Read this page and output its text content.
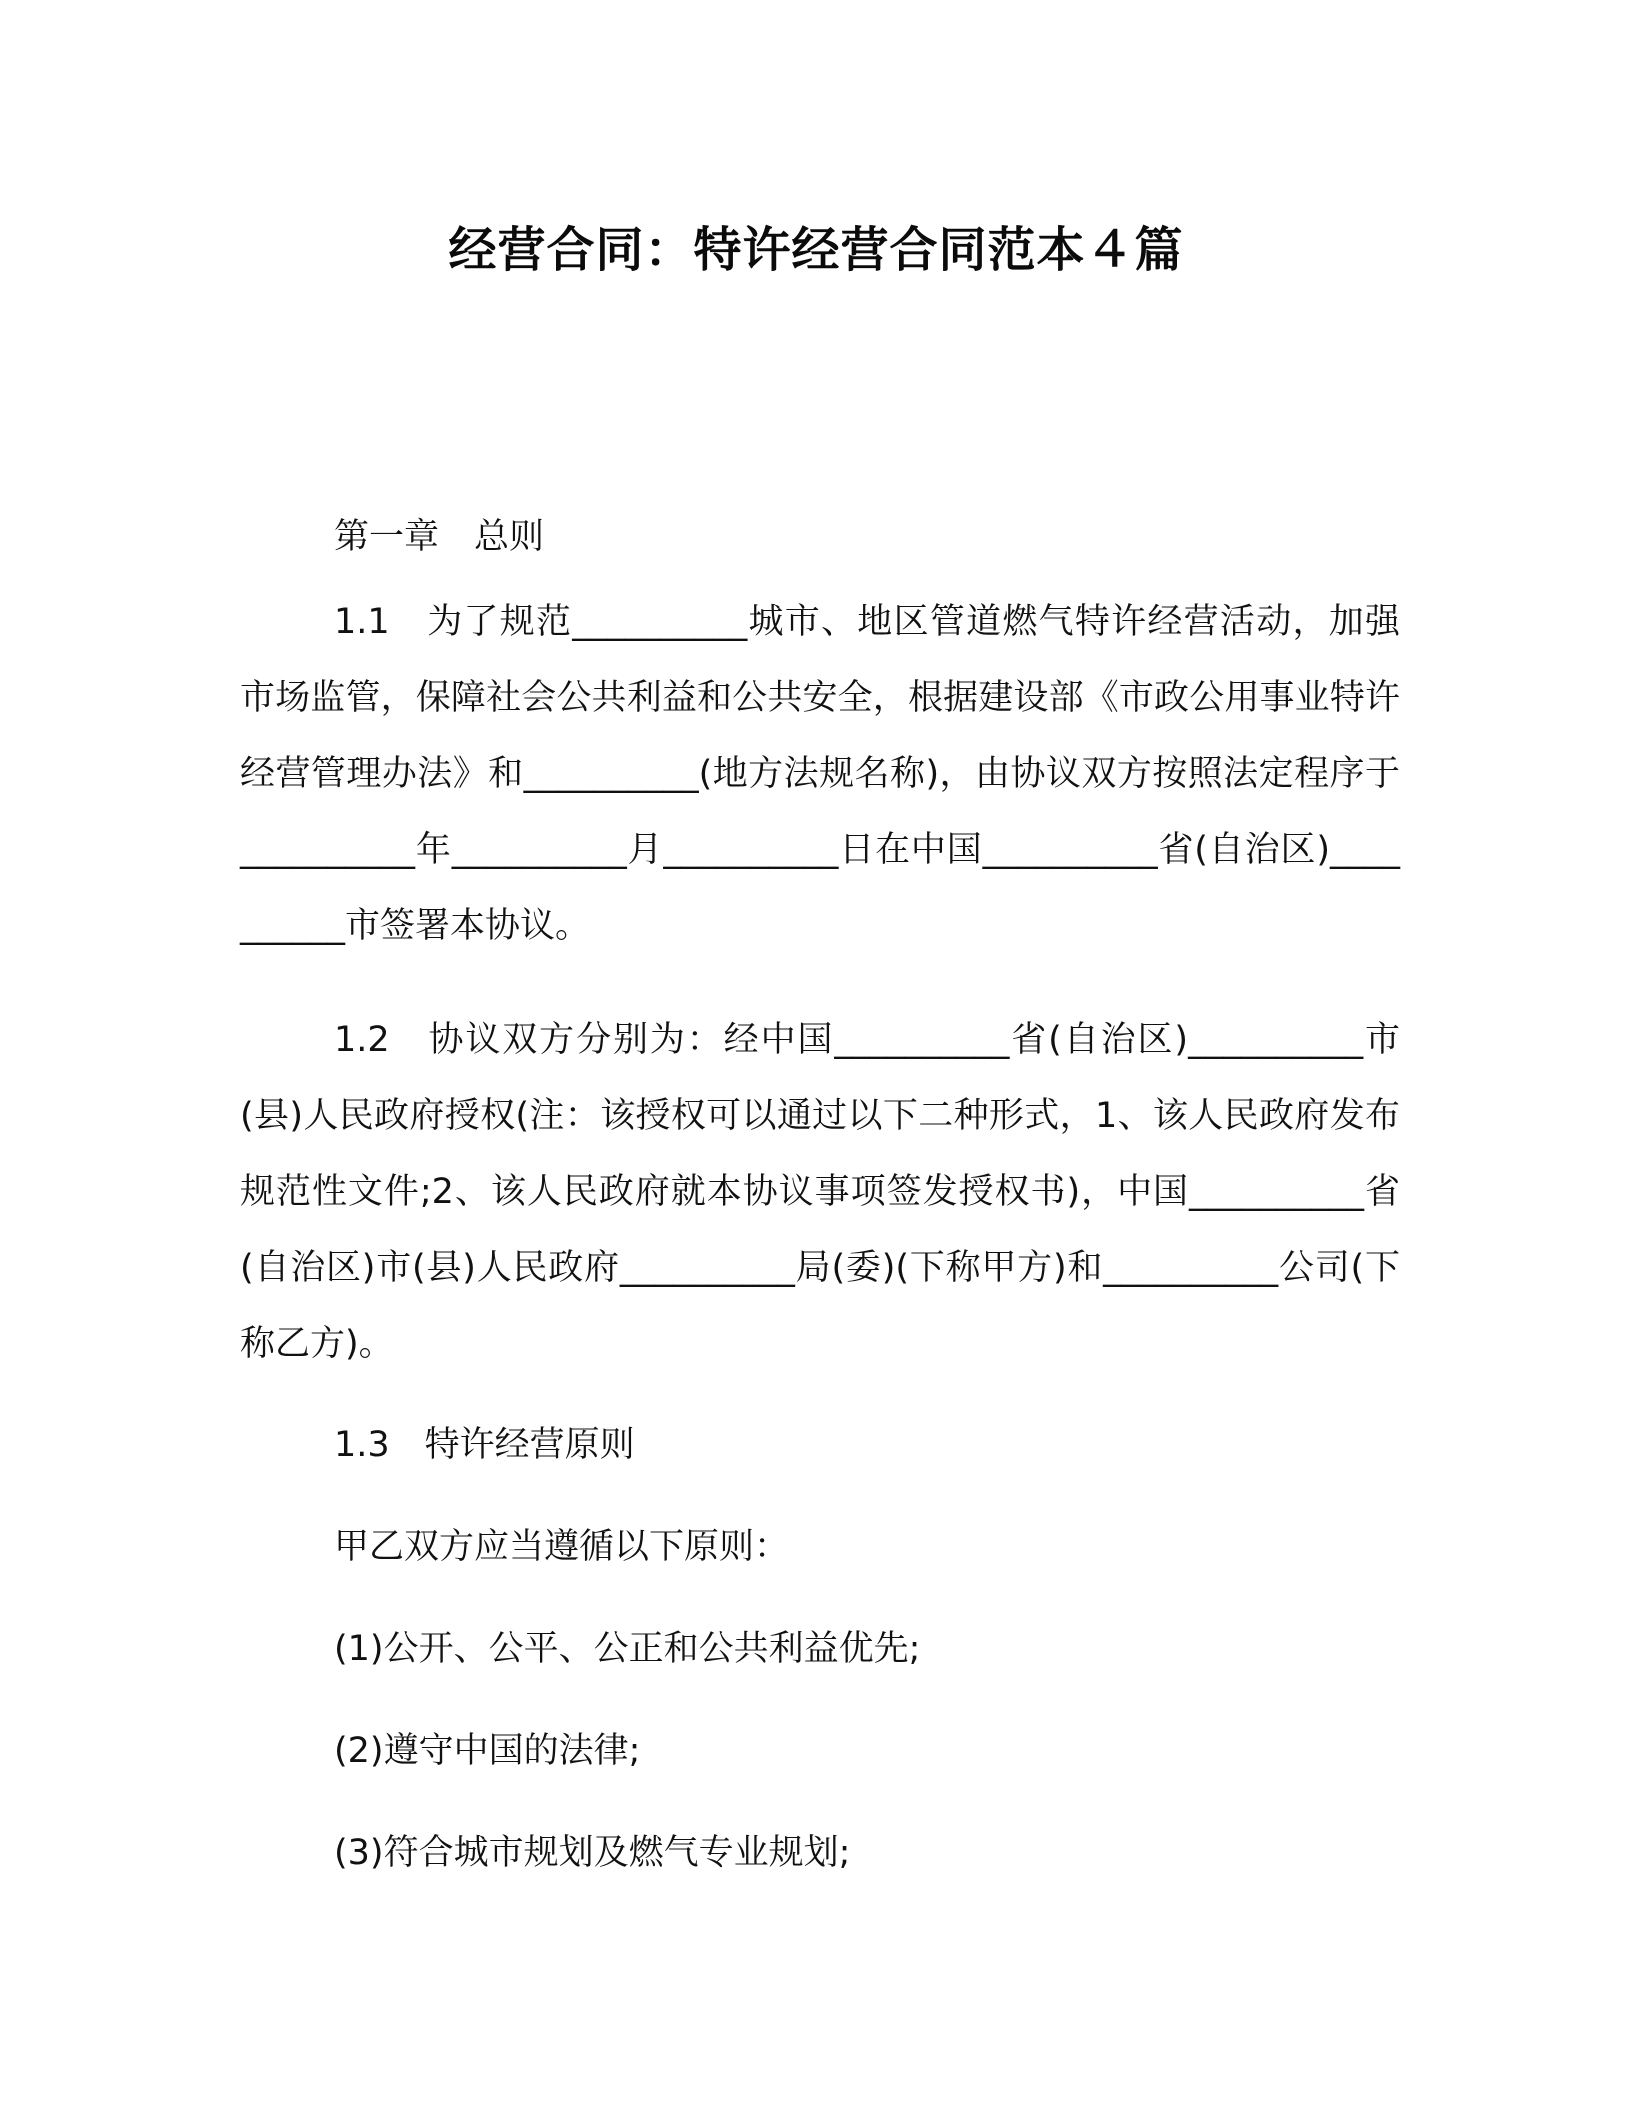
经营合同：特许经营合同范本４篇
第一章　总则
1.1　为了规范__________城市、地区管道燃气特许经营活动，加强市场监管，保障社会公共利益和公共安全，根据建设部《市政公用事业特许经营管理办法》和__________(地方法规名称)，由协议双方按照法定程序于__________年__________月__________日在中国__________省(自治区)__________市签署本协议。
1.2　协议双方分别为：经中国__________省(自治区)__________市(县)人民政府授权(注：该授权可以通过以下二种形式，1、该人民政府发布规范性文件;2、该人民政府就本协议事项签发授权书)，中国__________省(自治区)市(县)人民政府__________局(委)(下称甲方)和__________公司(下称乙方)。
1.3　特许经营原则
甲乙双方应当遵循以下原则：
(1)公开、公平、公正和公共利益优先;
(2)遵守中国的法律;
(3)符合城市规划及燃气专业规划;
